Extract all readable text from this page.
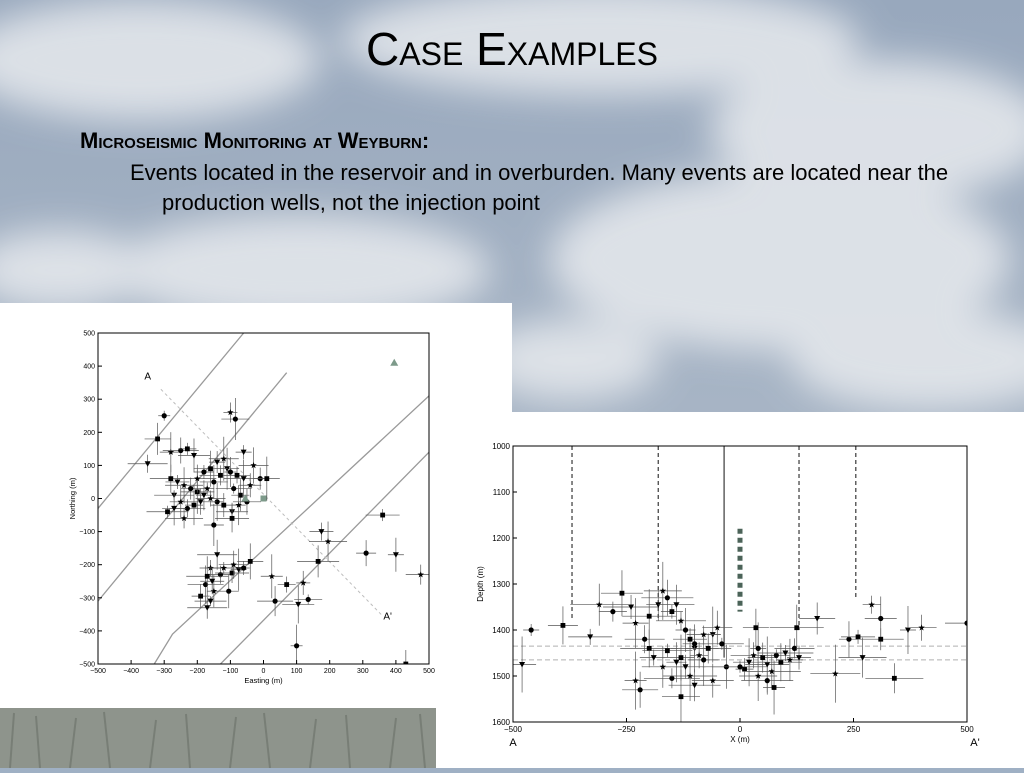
Case Examples
Microseismic Monitoring at Weyburn:

Events located in the reservoir and in overburden. Many events are located near the production wells, not the injection point

−500 −400 −300 −200 −100	0	100	200	300	400	500
500
400
300
200
100
0
−100
−200
−300
−400
−500
Easting (m)
Northing (m)
A
A'
−500	−250	0	250	500
1000
1100
1200
1300
1400
1500
1600
X (m)
Depth (m)
A	A'
